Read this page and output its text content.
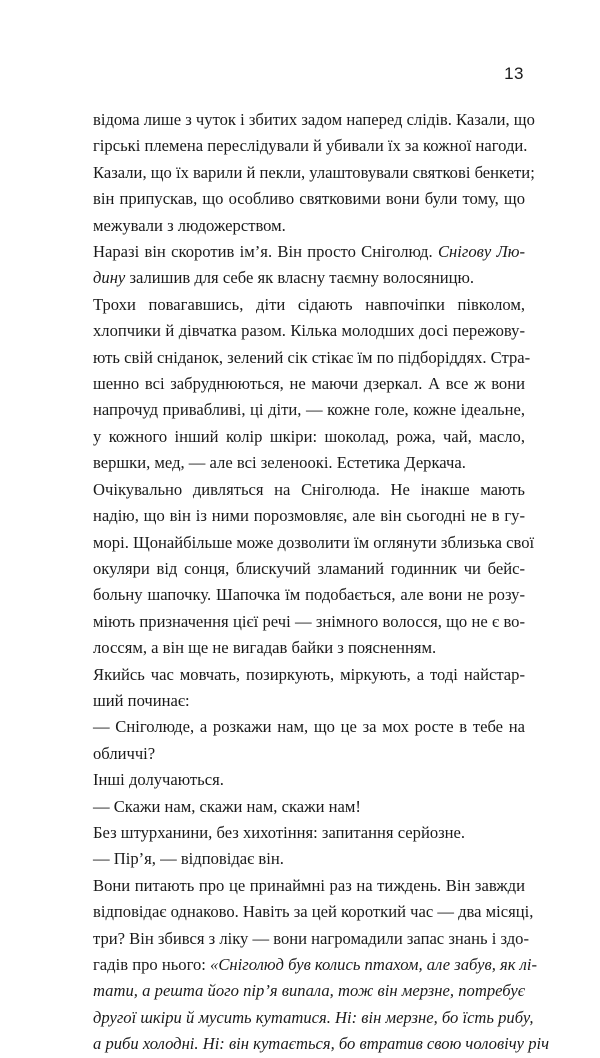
13

відома лише з чуток і збитих задом наперед слідів. Казали, що
гірські племена переслідували й убивали їх за кожної нагоди.
Казали, що їх варили й пекли, улаштовували святкові бенкети;
він припускав, що особливо святковими вони були тому, що
межували з людожерством.

Наразі він скоротив ім’я. Він просто Сніголюд. Снігову Лю-
дину залишив для себе як власну таємну волосяницю.

Трохи повагавшись, діти сідають навпочіпки півколом,
хлопчики й дівчатка разом. Кілька молодших досі пережову-
ють свій сніданок, зелений сік стікає їм по підборіддях. Стра-
шенно всі забруднюються, не маючи дзеркал. А все ж вони
напрочуд привабливі, ці діти, — кожне голе, кожне ідеальне,
у кожного інший колір шкіри: шоколад, рожа, чай, масло,
вершки, мед, — але всі зеленоокі. Естетика Деркача.

Очікувально дивляться на Сніголюда. Не інакше мають
надію, що він із ними порозмовляє, але він сьогодні не в гу-
морі. Щонайбільше може дозволити їм оглянути зблизька свої
окуляри від сонця, блискучий зламаний годинник чи бейс-
больну шапочку. Шапочка їм подобається, але вони не розу-
міють призначення цієї речі — знімного волосся, що не є во-
лоссям, а він ще не вигадав байки з поясненням.

Якийсь час мовчать, позиркують, міркують, а тоді найстар-
ший починає:

— Сніголюде, а розкажи нам, що це за мох росте в тебе на
обличчі?

Інші долучаються.

— Скажи нам, скажи нам, скажи нам!

Без штурханини, без хихотіння: запитання серйозне.

— Пір’я, — відповідає він.

Вони питають про це принаймні раз на тиждень. Він завжди
відповідає однаково. Навіть за цей короткий час — два місяці,
три? Він збився з ліку — вони нагромадили запас знань і здо-
гадів про нього: «Сніголюд був колись птахом, але забув, як лі-
тати, а решта його пір’я випала, тож він мерзне, потребує
другої шкіри й мусить кутатися. Ні: він мерзне, бо їсть рибу,
а риби холодні. Ні: він кутається, бо втратив свою чоловічу річ
